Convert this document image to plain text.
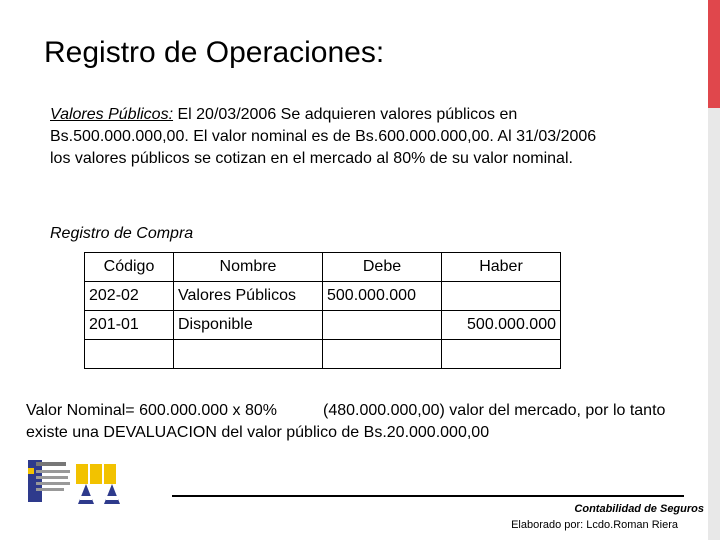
Registro de Operaciones:

Valores Públicos: El 20/03/2006 Se adquieren valores públicos en Bs.500.000.000,00. El valor nominal es de Bs.600.000.000,00. Al 31/03/2006 los valores públicos se cotizan en el mercado al 80% de su valor nominal.

Registro de Compra

Código	Nombre	Debe	Haber
202-02	Valores Públicos	500.000.000	
201-01	Disponible		500.000.000

Valor Nominal= 600.000.000 x 80%	(480.000.000,00) valor del mercado, por lo tanto existe una DEVALUACION del valor público de Bs.20.000.000,00

Contabilidad de Seguros
Elaborado por: Lcdo.Roman Riera
